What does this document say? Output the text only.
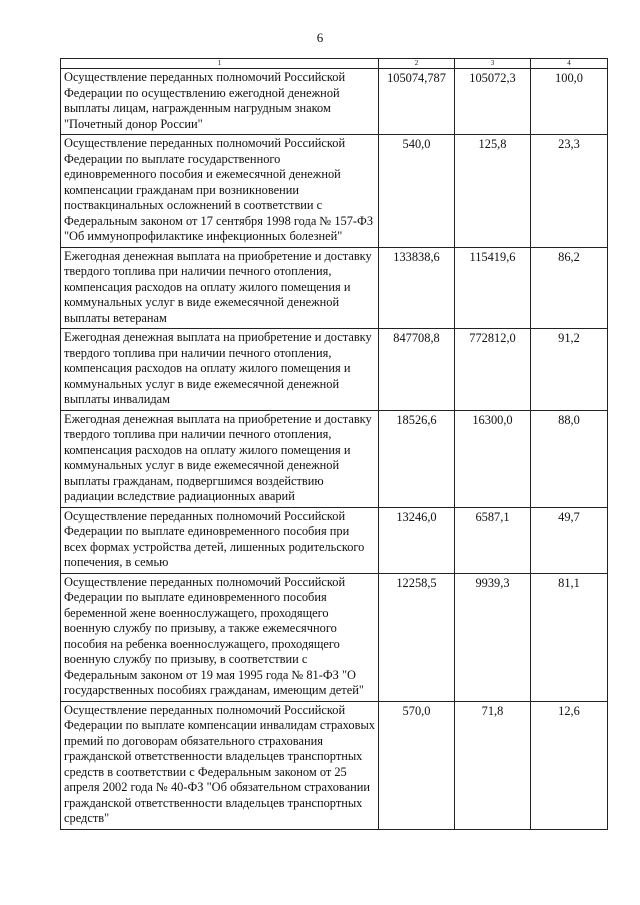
6
1	2	3	4
Осуществление переданных полномочий Российской Федерации по осуществлению ежегодной денежной выплаты лицам, награжденным нагрудным знаком "Почетный донор России"	105074,787	105072,3	100,0
Осуществление переданных полномочий Российской Федерации по выплате государственного единовременного пособия и ежемесячной денежной компенсации гражданам при возникновении поствакцинальных осложнений в соответствии с Федеральным законом от 17 сентября 1998 года № 157-ФЗ "Об иммунопрофилактике инфекционных болезней"	540,0	125,8	23,3
Ежегодная денежная выплата на приобретение и доставку твердого топлива при наличии печного отопления, компенсация расходов на оплату жилого помещения и коммунальных услуг в виде ежемесячной денежной выплаты ветеранам	133838,6	115419,6	86,2
Ежегодная денежная выплата на приобретение и доставку твердого топлива при наличии печного отопления, компенсация расходов на оплату жилого помещения и коммунальных услуг в виде ежемесячной денежной выплаты инвалидам	847708,8	772812,0	91,2
Ежегодная денежная выплата на приобретение и доставку твердого топлива при наличии печного отопления, компенсация расходов на оплату жилого помещения и коммунальных услуг в виде ежемесячной денежной выплаты гражданам, подвергшимся воздействию радиации вследствие радиационных аварий	18526,6	16300,0	88,0
Осуществление переданных полномочий Российской Федерации по выплате единовременного пособия при всех формах устройства детей, лишенных родительского попечения, в семью	13246,0	6587,1	49,7
Осуществление переданных полномочий Российской Федерации по выплате единовременного пособия беременной жене военнослужащего, проходящего военную службу по призыву, а также ежемесячного пособия на ребенка военнослужащего, проходящего военную службу по призыву, в соответствии с Федеральным законом от 19 мая 1995 года № 81-ФЗ "О государственных пособиях гражданам, имеющим детей"	12258,5	9939,3	81,1
Осуществление переданных полномочий Российской Федерации по выплате компенсации инвалидам страховых премий по договорам обязательного страхования гражданской ответственности владельцев транспортных средств в соответствии с Федеральным законом от 25 апреля 2002 года № 40-ФЗ "Об обязательном страховании гражданской ответственности владельцев транспортных средств"	570,0	71,8	12,6
